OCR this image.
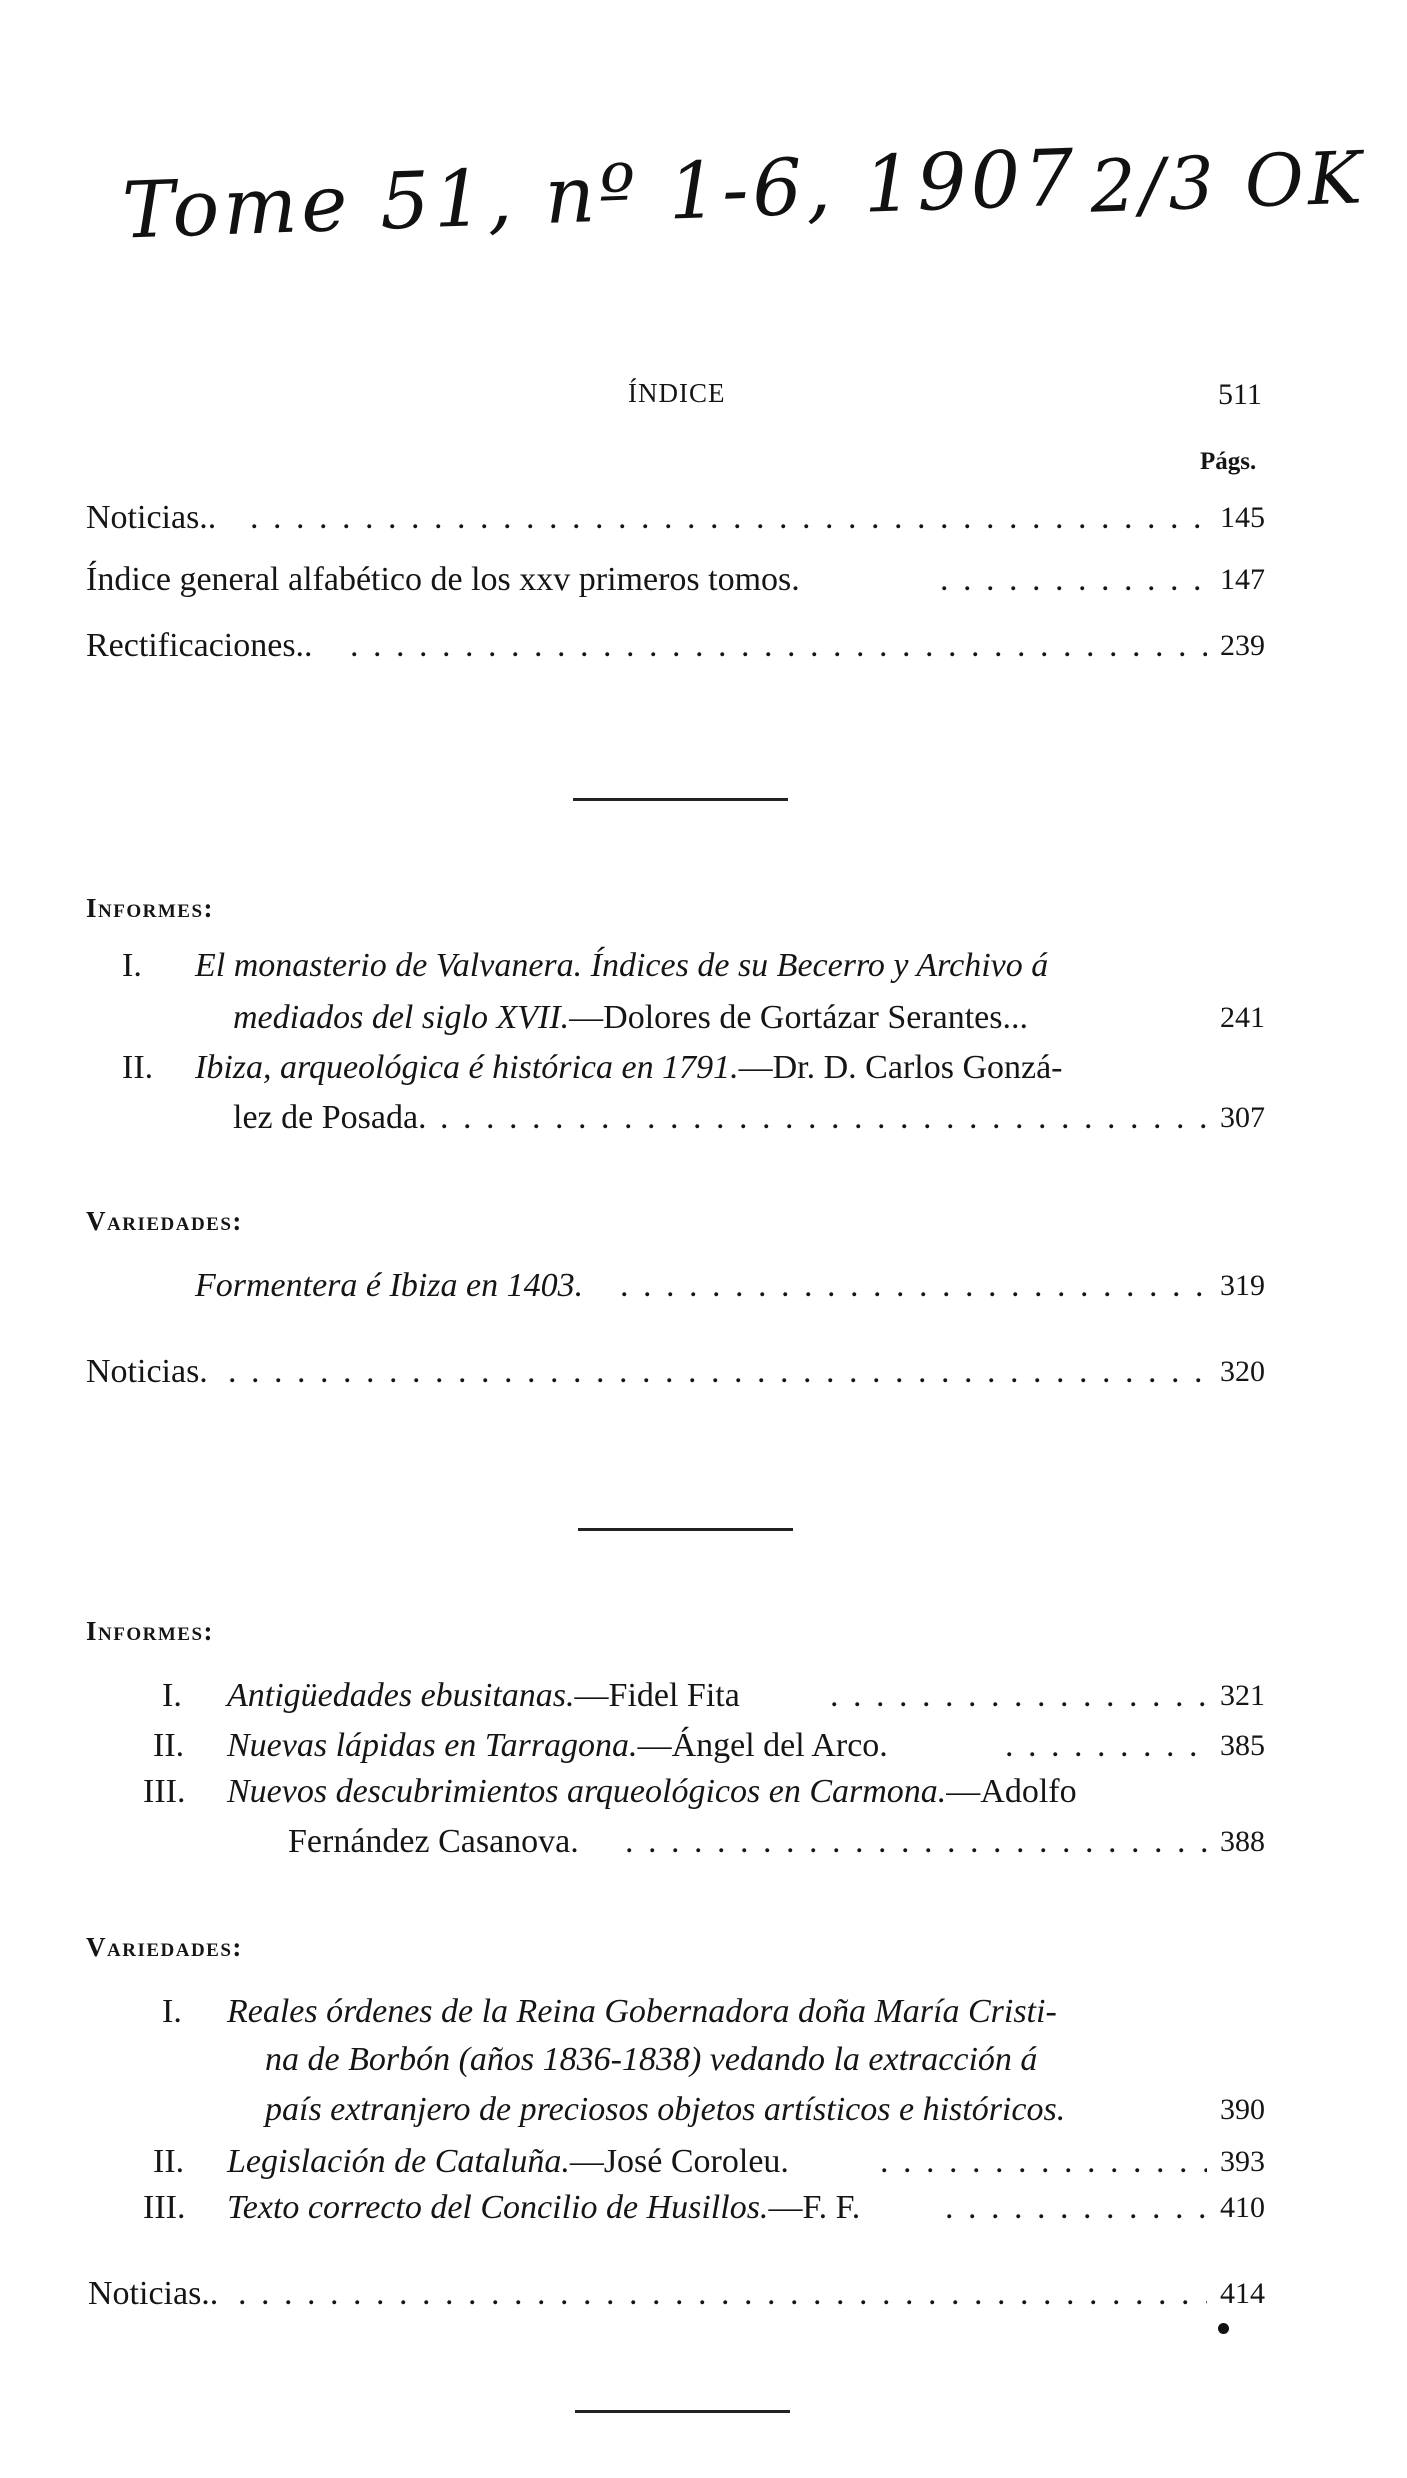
Tome 51, nº 1-6, 1907 2/3 OK
ÍNDICE	511
Págs.
. . .
Noticias..	145
. . .
Índice general alfabético de los xxv primeros tomos.	147
. . .
Rectificaciones..	239
Informes:
I. El monasterio de Valvanera. Índices de su Becerro y Archivo á
mediados del siglo XVII.—Dolores de Gortázar Serantes...	241
II. Ibiza, arqueológica é histórica en 1791.—Dr. D. Carlos Gonzá-
. . .
lez de Posada.	307
Variedades:
. . .
Formentera é Ibiza en 1403.	319
. . .
Noticias.	320
Informes:
. . .
I. Antigüedades ebusitanas.—Fidel Fita	321
. . .
II. Nuevas lápidas en Tarragona.—Ángel del Arco.	385
III. Nuevos descubrimientos arqueológicos en Carmona.—Adolfo
. . .
Fernández Casanova.	388
Variedades:
I. Reales órdenes de la Reina Gobernadora doña María Cristi-
na de Borbón (años 1836-1838) vedando la extracción á
país extranjero de preciosos objetos artísticos e históricos.	390
. . .
II. Legislación de Cataluña.—José Coroleu.	393
. . .
III. Texto correcto del Concilio de Husillos.—F. F.	410
. . .
Noticias..	414
